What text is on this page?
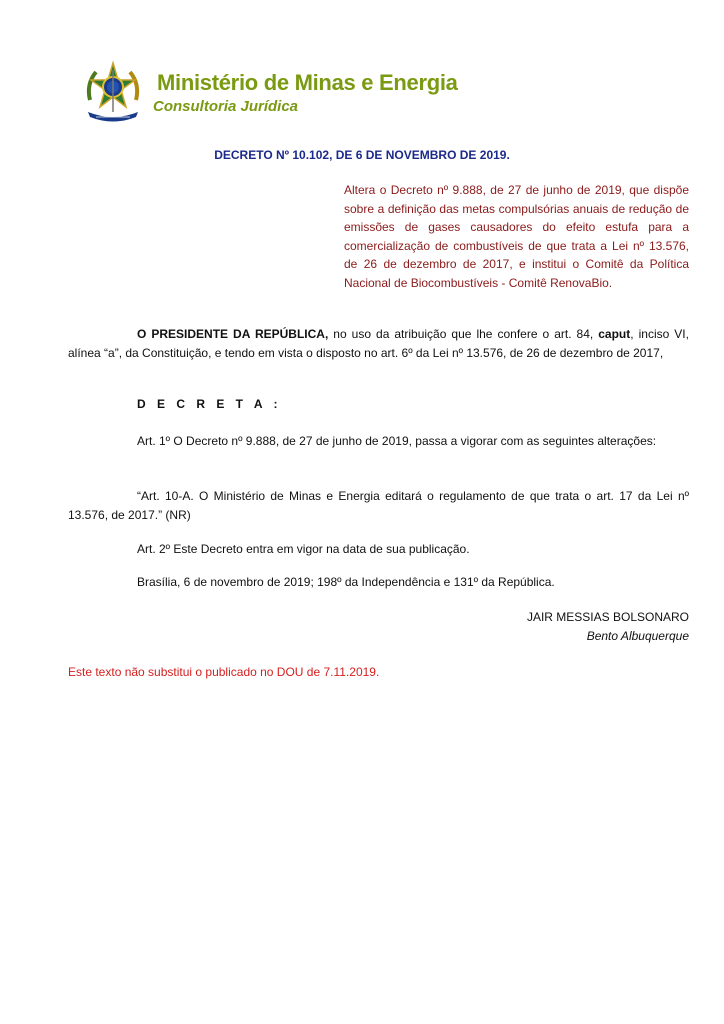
Ministério de Minas e Energia
Consultoria Jurídica
DECRETO Nº 10.102, DE 6 DE NOVEMBRO DE 2019.

Altera o Decreto nº 9.888, de 27 de junho de 2019, que dispõe sobre a definição das metas compulsórias anuais de redução de emissões de gases causadores do efeito estufa para a comercialização de combustíveis de que trata a Lei nº 13.576, de 26 de dezembro de 2017, e institui o Comitê da Política Nacional de Biocombustíveis - Comitê RenovaBio.

O PRESIDENTE DA REPÚBLICA, no uso da atribuição que lhe confere o art. 84, caput, inciso VI, alínea “a”, da Constituição, e tendo em vista o disposto no art. 6º da Lei nº 13.576, de 26 de dezembro de 2017,

D E C R E T A :

Art. 1º O Decreto nº 9.888, de 27 de junho de 2019, passa a vigorar com as seguintes alterações:

“Art. 10-A. O Ministério de Minas e Energia editará o regulamento de que trata o art. 17 da Lei nº 13.576, de 2017.” (NR)

Art. 2º Este Decreto entra em vigor na data de sua publicação.

Brasília, 6 de novembro de 2019; 198º da Independência e 131º da República.

JAIR MESSIAS BOLSONARO

Bento Albuquerque

Este texto não substitui o publicado no DOU de 7.11.2019.
